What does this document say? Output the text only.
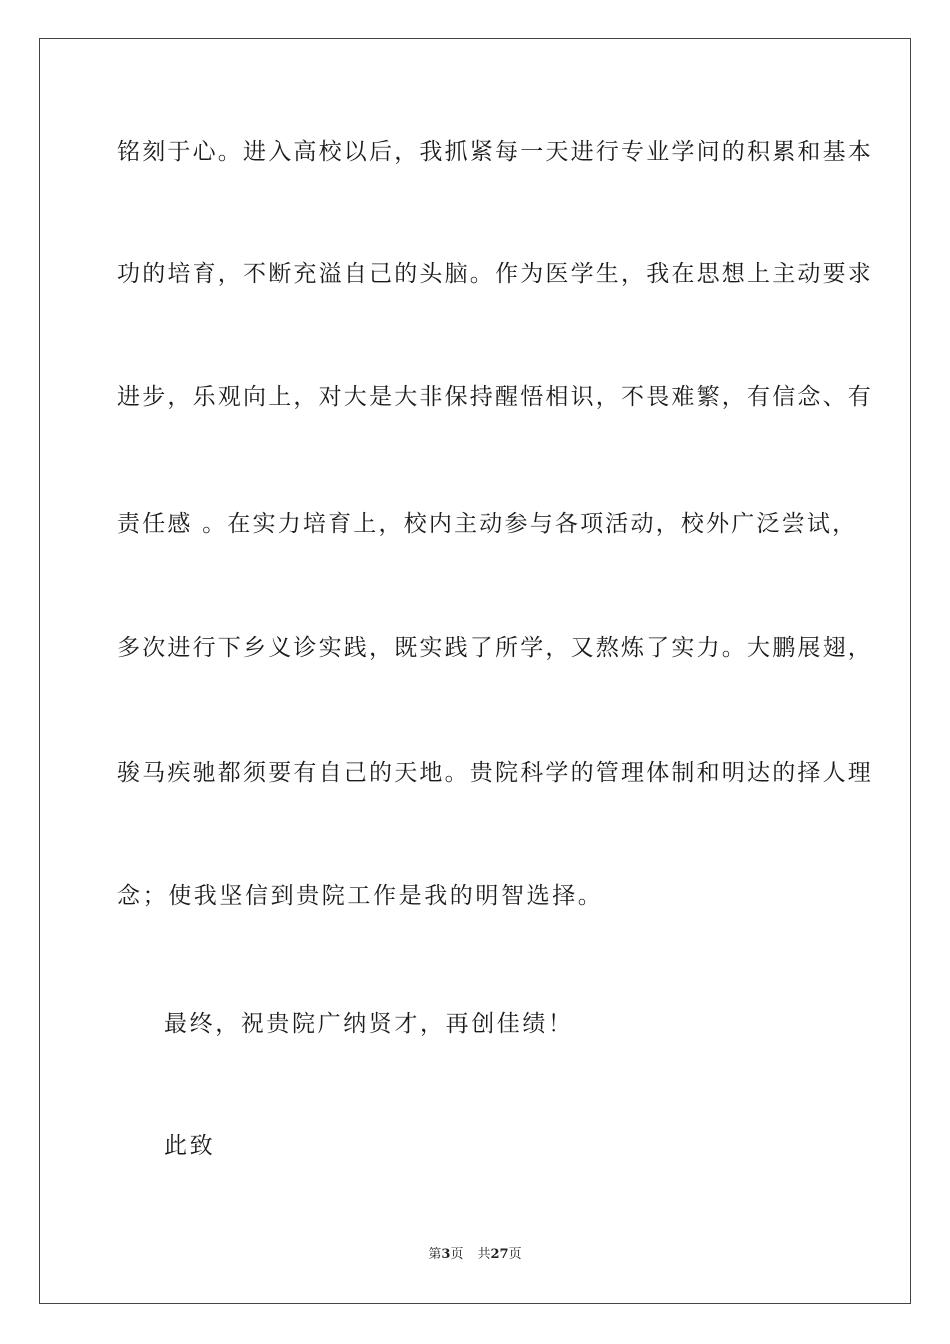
铭刻于心。进入高校以后，我抓紧每一天进行专业学问的积累和基本
功的培育，不断充溢自己的头脑。作为医学生，我在思想上主动要求
进步，乐观向上，对大是大非保持醒悟相识，不畏难繁，有信念、有
责任感 。在实力培育上，校内主动参与各项活动，校外广泛尝试，
多次进行下乡义诊实践，既实践了所学，又熬炼了实力。大鹏展翅，
骏马疾驰都须要有自己的天地。贵院科学的管理体制和明达的择人理
念；使我坚信到贵院工作是我的明智选择。
最终，祝贵院广纳贤才，再创佳绩！
此致
第3页 共27页
